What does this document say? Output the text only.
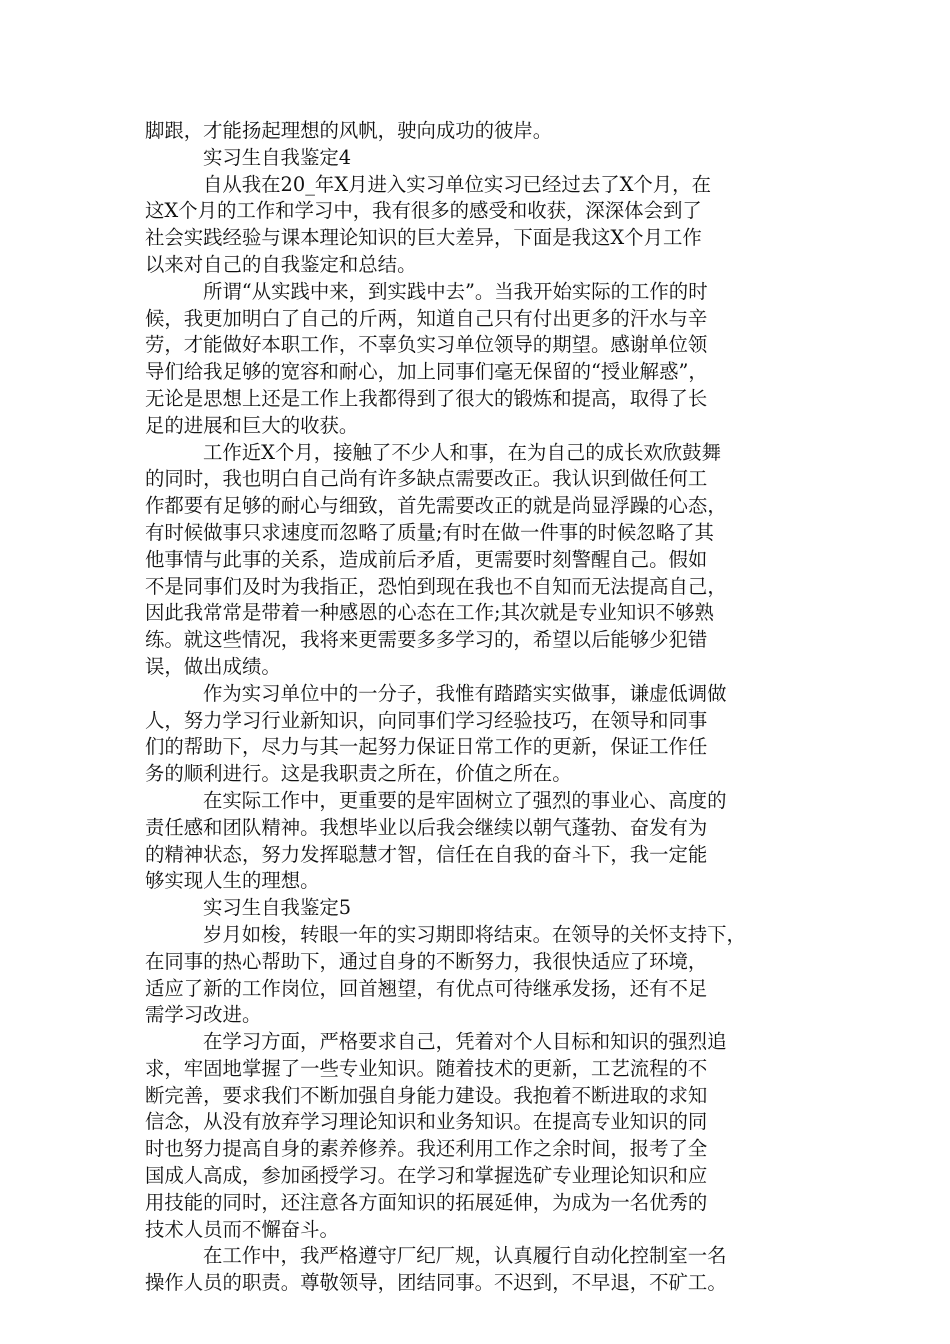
脚跟，才能扬起理想的风帆，驶向成功的彼岸。
实习生自我鉴定4
自从我在20_年X月进入实习单位实习已经过去了X个月，在
这X个月的工作和学习中，我有很多的感受和收获，深深体会到了
社会实践经验与课本理论知识的巨大差异，下面是我这X个月工作
以来对自己的自我鉴定和总结。
所谓“从实践中来，到实践中去”。当我开始实际的工作的时
候，我更加明白了自己的斤两，知道自己只有付出更多的汗水与辛
劳，才能做好本职工作，不辜负实习单位领导的期望。感谢单位领
导们给我足够的宽容和耐心，加上同事们毫无保留的“授业解惑”，
无论是思想上还是工作上我都得到了很大的锻炼和提高，取得了长
足的进展和巨大的收获。
工作近X个月，接触了不少人和事，在为自己的成长欢欣鼓舞
的同时，我也明白自己尚有许多缺点需要改正。我认识到做任何工
作都要有足够的耐心与细致，首先需要改正的就是尚显浮躁的心态，
有时候做事只求速度而忽略了质量;有时在做一件事的时候忽略了其
他事情与此事的关系，造成前后矛盾，更需要时刻警醒自己。假如
不是同事们及时为我指正，恐怕到现在我也不自知而无法提高自己，
因此我常常是带着一种感恩的心态在工作;其次就是专业知识不够熟
练。就这些情况，我将来更需要多多学习的，希望以后能够少犯错
误，做出成绩。
作为实习单位中的一分子，我惟有踏踏实实做事，谦虚低调做
人，努力学习行业新知识，向同事们学习经验技巧，在领导和同事
们的帮助下，尽力与其一起努力保证日常工作的更新，保证工作任
务的顺利进行。这是我职责之所在，价值之所在。
在实际工作中，更重要的是牢固树立了强烈的事业心、高度的
责任感和团队精神。我想毕业以后我会继续以朝气蓬勃、奋发有为
的精神状态，努力发挥聪慧才智，信任在自我的奋斗下，我一定能
够实现人生的理想。
实习生自我鉴定5
岁月如梭，转眼一年的实习期即将结束。在领导的关怀支持下，
在同事的热心帮助下，通过自身的不断努力，我很快适应了环境，
适应了新的工作岗位，回首翘望，有优点可待继承发扬，还有不足
需学习改进。
在学习方面，严格要求自己，凭着对个人目标和知识的强烈追
求，牢固地掌握了一些专业知识。随着技术的更新，工艺流程的不
断完善，要求我们不断加强自身能力建设。我抱着不断进取的求知
信念，从没有放弃学习理论知识和业务知识。在提高专业知识的同
时也努力提高自身的素养修养。我还利用工作之余时间，报考了全
国成人高成，参加函授学习。在学习和掌握选矿专业理论知识和应
用技能的同时，还注意各方面知识的拓展延伸，为成为一名优秀的
技术人员而不懈奋斗。
在工作中，我严格遵守厂纪厂规，认真履行自动化控制室一名
操作人员的职责。尊敬领导，团结同事。不迟到，不早退，不矿工。
